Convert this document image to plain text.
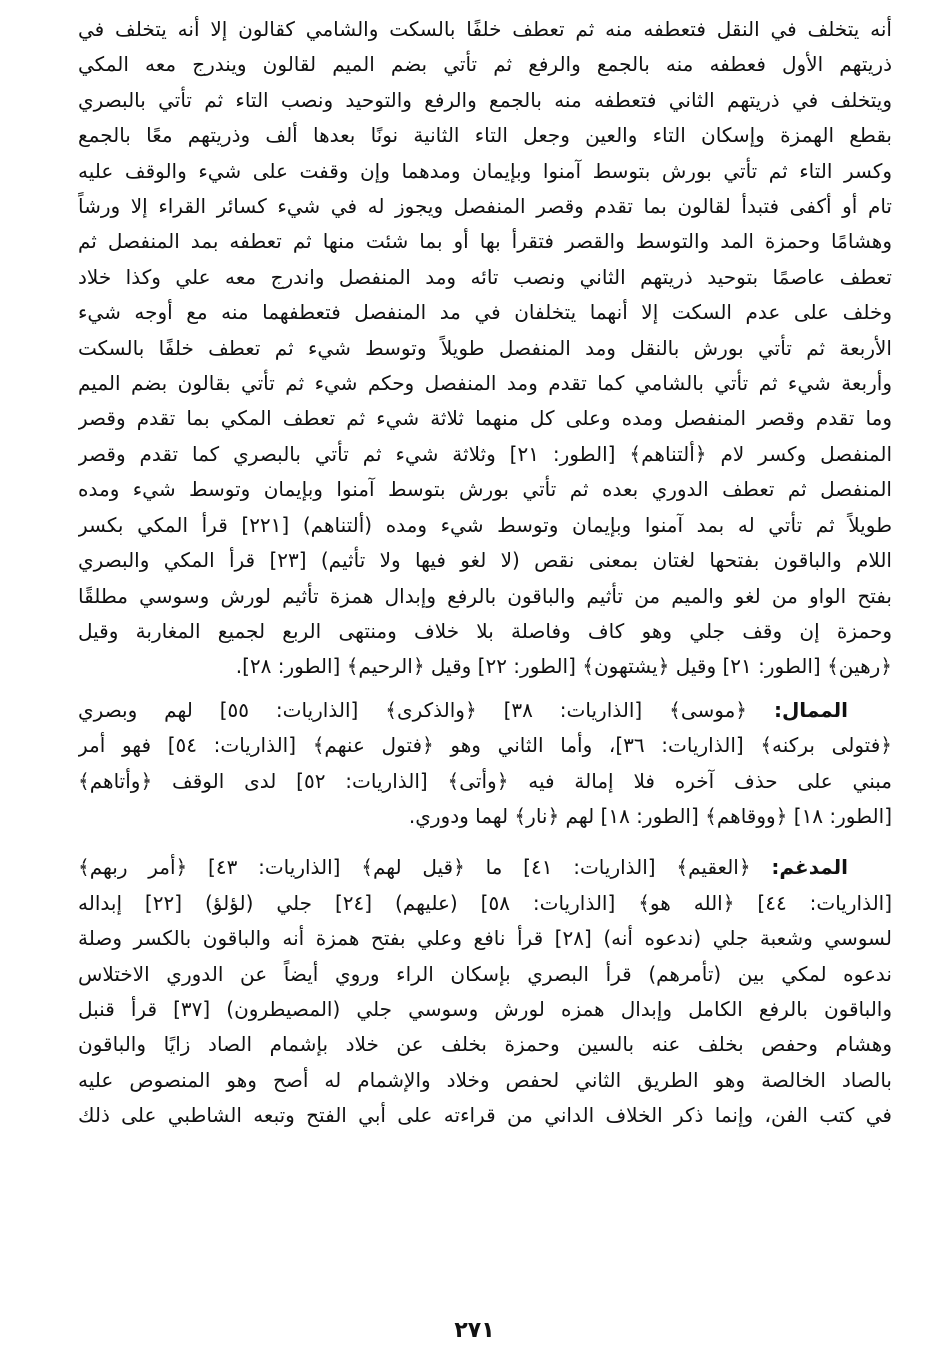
أنه يتخلف في النقل فتعطفه منه ثم تعطف خلفًا بالسكت والشامي كقالون إلا أنه يتخلف في
ذريتهم الأول فعطفه منه بالجمع والرفع ثم تأتي بضم الميم لقالون ويندرج معه المكي
ويتخلف في ذريتهم الثاني فتعطفه منه بالجمع والرفع والتوحيد ونصب التاء ثم تأتي بالبصري
بقطع الهمزة وإسكان التاء والعين وجعل التاء الثانية نونًا بعدها ألف وذريتهم معًا بالجمع
وكسر التاء ثم تأتي بورش بتوسط آمنوا وبإيمان ومدهما وإن وقفت على شيء والوقف عليه
تام أو أكفى فتبدأ لقالون بما تقدم وقصر المنفصل ويجوز له في شيء كسائر القراء إلا ورشاً
وهشامًا وحمزة المد والتوسط والقصر فتقرأ بها أو بما شئت منها ثم تعطفه بمد المنفصل ثم
تعطف عاصمًا بتوحيد ذريتهم الثاني ونصب تائه ومد المنفصل واندرج معه علي وكذا خلاد
وخلف على عدم السكت إلا أنهما يتخلفان في مد المنفصل فتعطفهما منه مع أوجه شيء
الأربعة ثم تأتي بورش بالنقل ومد المنفصل طويلاً وتوسط شيء ثم تعطف خلفًا بالسكت
وأربعة شيء ثم تأتي بالشامي كما تقدم ومد المنفصل وحكم شيء ثم تأتي بقالون بضم الميم
وما تقدم وقصر المنفصل ومده وعلى كل منهما ثلاثة شيء ثم تعطف المكي بما تقدم وقصر
المنفصل وكسر لام ﴿ألتناهم﴾ [الطور: ٢١] وثلاثة شيء ثم تأتي بالبصري كما تقدم وقصر
المنفصل ثم تعطف الدوري بعده ثم تأتي بورش بتوسط آمنوا وبإيمان وتوسط شيء ومده
طويلاً ثم تأتي له بمد آمنوا وبإيمان وتوسط شيء ومده (ألتناهم) [٢٢١] قرأ المكي بكسر
اللام والباقون بفتحها لغتان بمعنى نقص (لا لغو فيها ولا تأثيم) [٢٣] قرأ المكي والبصري
بفتح الواو من لغو والميم من تأثيم والباقون بالرفع وإبدال همزة تأثيم لورش وسوسي مطلقًا
وحمزة إن وقف جلي وهو كاف وفاصلة بلا خلاف ومنتهى الربع لجميع المغاربة وقيل
﴿رهين﴾ [الطور: ٢١] وقيل ﴿يشتهون﴾ [الطور: ٢٢] وقيل ﴿الرحيم﴾ [الطور: ٢٨].
الممال: ﴿موسى﴾ [الذاريات: ٣٨] ﴿والذكرى﴾ [الذاريات: ٥٥] لهم وبصري
﴿فتولى بركنه﴾ [الذاريات: ٣٦]، وأما الثاني وهو ﴿فتول عنهم﴾ [الذاريات: ٥٤] فهو أمر
مبني على حذف آخره فلا إمالة فيه ﴿وأتى﴾ [الذاريات: ٥٢] لدى الوقف ﴿وأتاهم﴾
[الطور: ١٨] ﴿ووقاهم﴾ [الطور: ١٨] لهم ﴿نار﴾ لهما ودوري.
المدغم: ﴿العقيم﴾ [الذاريات: ٤١] ما ﴿قيل لهم﴾ [الذاريات: ٤٣] ﴿أمر ربهم﴾
[الذاريات: ٤٤] ﴿الله هو﴾ [الذاريات: ٥٨] (عليهم) [٢٤] جلي (لؤلؤ) [٢٢] إبداله
لسوسي وشعبة جلي (ندعوه أنه) [٢٨] قرأ نافع وعلي بفتح همزة أنه والباقون بالكسر وصلة
ندعوه لمكي بين (تأمرهم) قرأ البصري بإسكان الراء وروي أيضاً عن الدوري الاختلاس
والباقون بالرفع الكامل وإبدال همزه لورش وسوسي جلي (المصيطرون) [٣٧] قرأ قنبل
وهشام وحفص بخلف عنه بالسين وحمزة بخلف عن خلاد بإشمام الصاد زايًا والباقون
بالصاد الخالصة وهو الطريق الثاني لحفص وخلاد والإشمام له أصح وهو المنصوص عليه
في كتب الفن، وإنما ذكر الخلاف الداني من قراءته على أبي الفتح وتبعه الشاطبي على ذلك
٢٧١
